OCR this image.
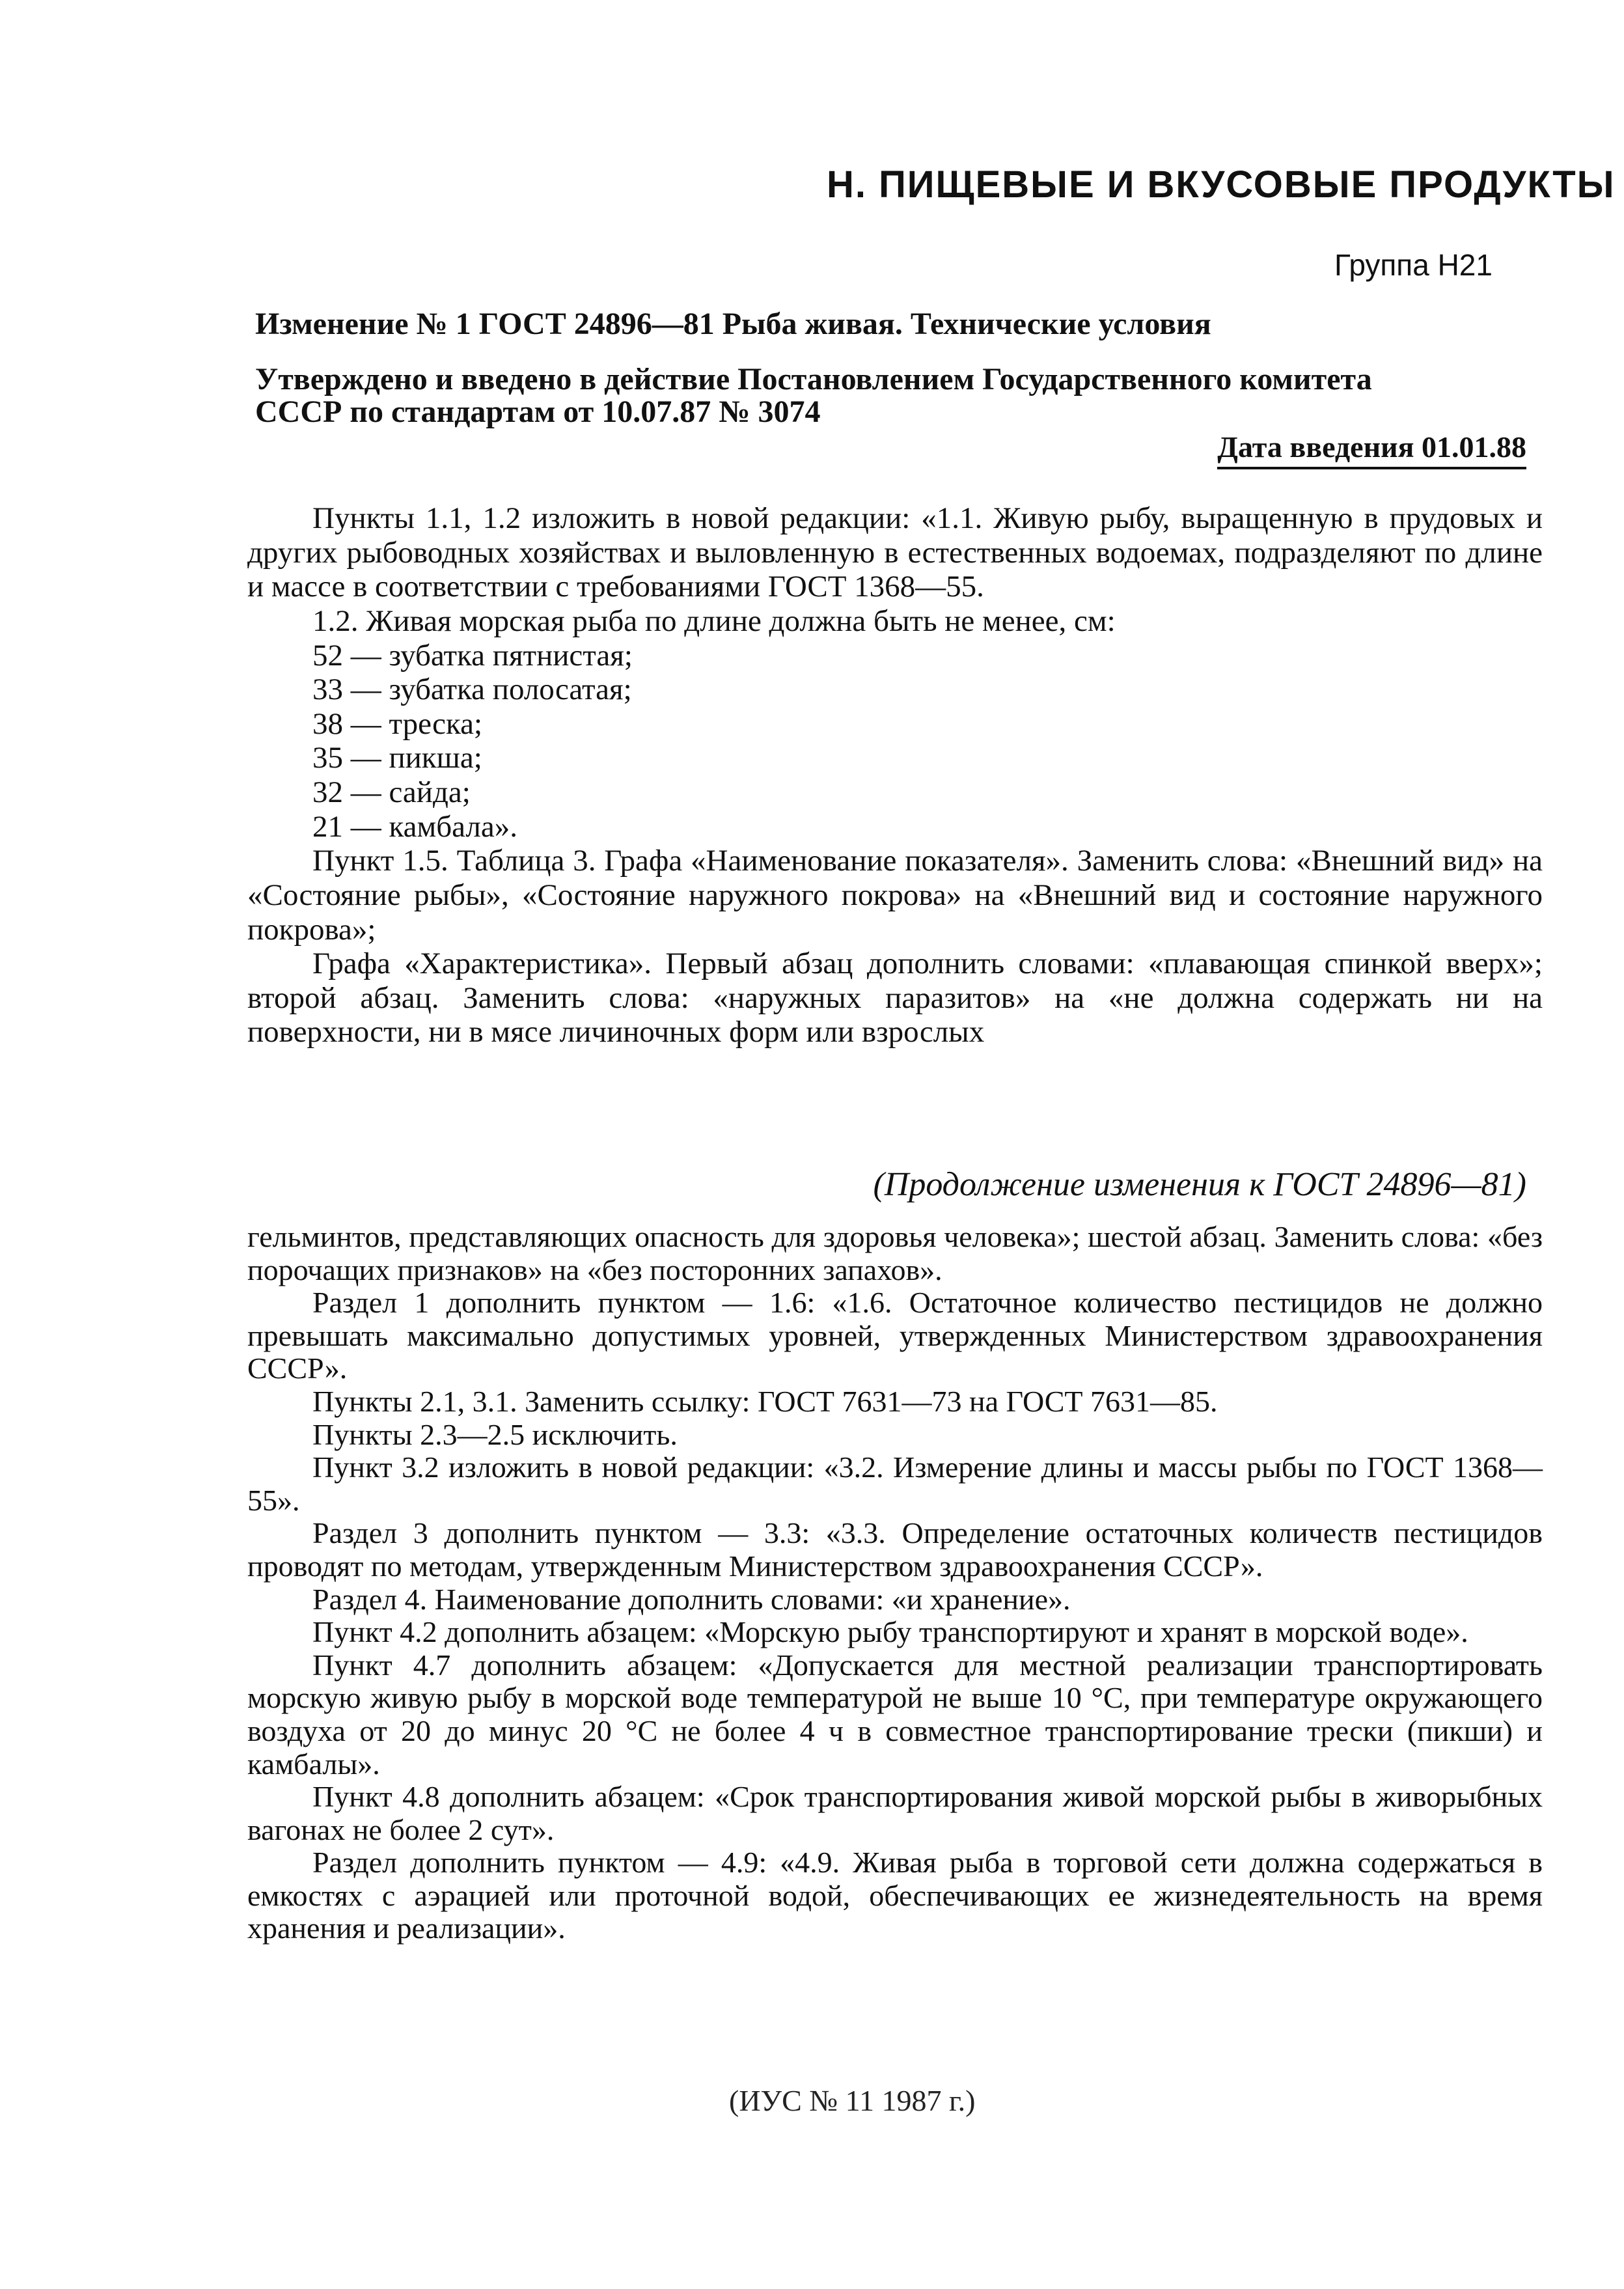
Н. ПИЩЕВЫЕ И ВКУСОВЫЕ ПРОДУКТЫ
Группа Н21
Изменение № 1 ГОСТ 24896—81 Рыба живая. Технические условия
Утверждено и введено в действие Постановлением Государственного комитета
СССР по стандартам от 10.07.87 № 3074
Дата введения 01.01.88

Пункты 1.1, 1.2 изложить в новой редакции: «1.1. Живую рыбу, выращенную в прудовых и других рыбоводных хозяйствах и выловленную в естественных водоемах, подразделяют по длине и массе в соответствии с требованиями ГОСТ 1368—55.

1.2. Живая морская рыба по длине должна быть не менее, см:

52 — зубатка пятнистая;

33 — зубатка полосатая;

38 — треска;

35 — пикша;

32 — сайда;

21 — камбала».

Пункт 1.5. Таблица 3. Графа «Наименование показателя». Заменить слова: «Внешний вид» на «Состояние рыбы», «Состояние наружного покрова» на «Внешний вид и состояние наружного покрова»;

Графа «Характеристика». Первый абзац дополнить словами: «плавающая спинкой вверх»; второй абзац. Заменить слова: «наружных паразитов» на «не должна содержать ни на поверхности, ни в мясе личиночных форм или взрослых

(Продолжение изменения к ГОСТ 24896—81)

гельминтов, представляющих опасность для здоровья человека»; шестой абзац. Заменить слова: «без порочащих признаков» на «без посторонних запахов».

Раздел 1 дополнить пунктом — 1.6: «1.6. Остаточное количество пестицидов не должно превышать максимально допустимых уровней, утвержденных Министерством здравоохранения СССР».

Пункты 2.1, 3.1. Заменить ссылку: ГОСТ 7631—73 на ГОСТ 7631—85.

Пункты 2.3—2.5 исключить.

Пункт 3.2 изложить в новой редакции: «3.2. Измерение длины и массы рыбы по ГОСТ 1368—55».

Раздел 3 дополнить пунктом — 3.3: «3.3. Определение остаточных количеств пестицидов проводят по методам, утвержденным Министерством здравоохранения СССР».

Раздел 4. Наименование дополнить словами: «и хранение».

Пункт 4.2 дополнить абзацем: «Морскую рыбу транспортируют и хранят в морской воде».

Пункт 4.7 дополнить абзацем: «Допускается для местной реализации транспортировать морскую живую рыбу в морской воде температурой не выше 10 °С, при температуре окружающего воздуха от 20 до минус 20 °С не более 4 ч в совместное транспортирование трески (пикши) и камбалы».

Пункт 4.8 дополнить абзацем: «Срок транспортирования живой морской рыбы в живорыбных вагонах не более 2 сут».

Раздел дополнить пунктом — 4.9: «4.9. Живая рыба в торговой сети должна содержаться в емкостях с аэрацией или проточной водой, обеспечивающих ее жизнедеятельность на время хранения и реализации».

(ИУС № 11 1987 г.)
